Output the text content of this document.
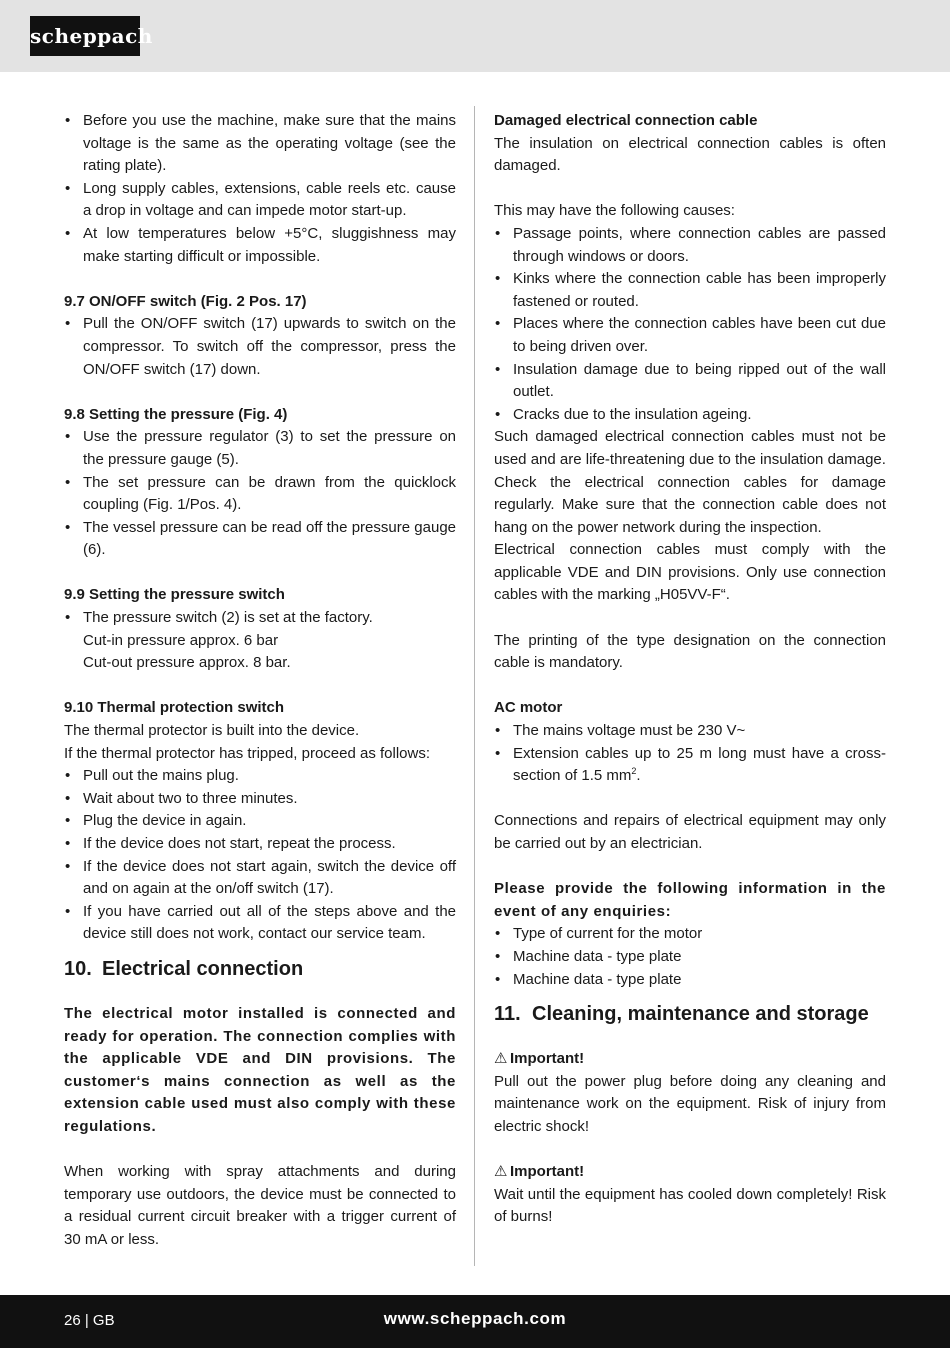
scheppach
• Before you use the machine, make sure that the mains voltage is the same as the operating voltage (see the rating plate).
• Long supply cables, extensions, cable reels etc. cause a drop in voltage and can impede motor start-up.
• At low temperatures below +5°C, sluggishness may make starting difficult or impossible.

9.7 ON/OFF switch (Fig. 2 Pos. 17)

• Pull the ON/OFF switch (17) upwards to switch on the compressor. To switch off the compressor, press the ON/OFF switch (17) down.

9.8 Setting the pressure (Fig. 4)

• Use the pressure regulator (3) to set the pressure on the pressure gauge (5).
• The set pressure can be drawn from the quicklock coupling (Fig. 1/Pos. 4).
• The vessel pressure can be read off the pressure gauge (6).

9.9 Setting the pressure switch

• The pressure switch (2) is set at the factory.

Cut-in pressure approx. 6 bar

Cut-out pressure approx. 8 bar.

9.10 Thermal protection switch

The thermal protector is built into the device.

If the thermal protector has tripped, proceed as follows:

• Pull out the mains plug.
• Wait about two to three minutes.
• Plug the device in again.
• If the device does not start, repeat the process.
• If the device does not start again, switch the device off and on again at the on/off switch (17).
• If you have carried out all of the steps above and the device still does not work, contact our service team.
10. Electrical connection

The electrical motor installed is connected and ready for operation. The connection complies with the applicable VDE and DIN provisions. The customer‘s mains connection as well as the extension cable used must also comply with these regulations.

When working with spray attachments and during temporary use outdoors, the device must be connected to a residual current circuit breaker with a trigger current of 30 mA or less.

Damaged electrical connection cable

The insulation on electrical connection cables is often damaged.

This may have the following causes:

• Passage points, where connection cables are passed through windows or doors.
• Kinks where the connection cable has been improperly fastened or routed.
• Places where the connection cables have been cut due to being driven over.
• Insulation damage due to being ripped out of the wall outlet.
• Cracks due to the insulation ageing.

Such damaged electrical connection cables must not be used and are life-threatening due to the insulation damage.

Check the electrical connection cables for damage regularly. Make sure that the connection cable does not hang on the power network during the inspection.

Electrical connection cables must comply with the applicable VDE and DIN provisions. Only use connection cables with the marking „H05VV-F“.

The printing of the type designation on the connection cable is mandatory.

AC motor

• The mains voltage must be 230 V~
• Extension cables up to 25 m long must have a cross-section of 1.5 $mm^2$.

Connections and repairs of electrical equipment may only be carried out by an electrician.

Please provide the following information in the event of any enquiries:

• Type of current for the motor
• Machine data - type plate
• Machine data - type plate
11. Cleaning, maintenance and storage

⚠ Important!

Pull out the power plug before doing any cleaning and maintenance work on the equipment. Risk of injury from electric shock!

⚠ Important!

Wait until the equipment has cooled down completely! Risk of burns!

26 | GB	www.scheppach.com
